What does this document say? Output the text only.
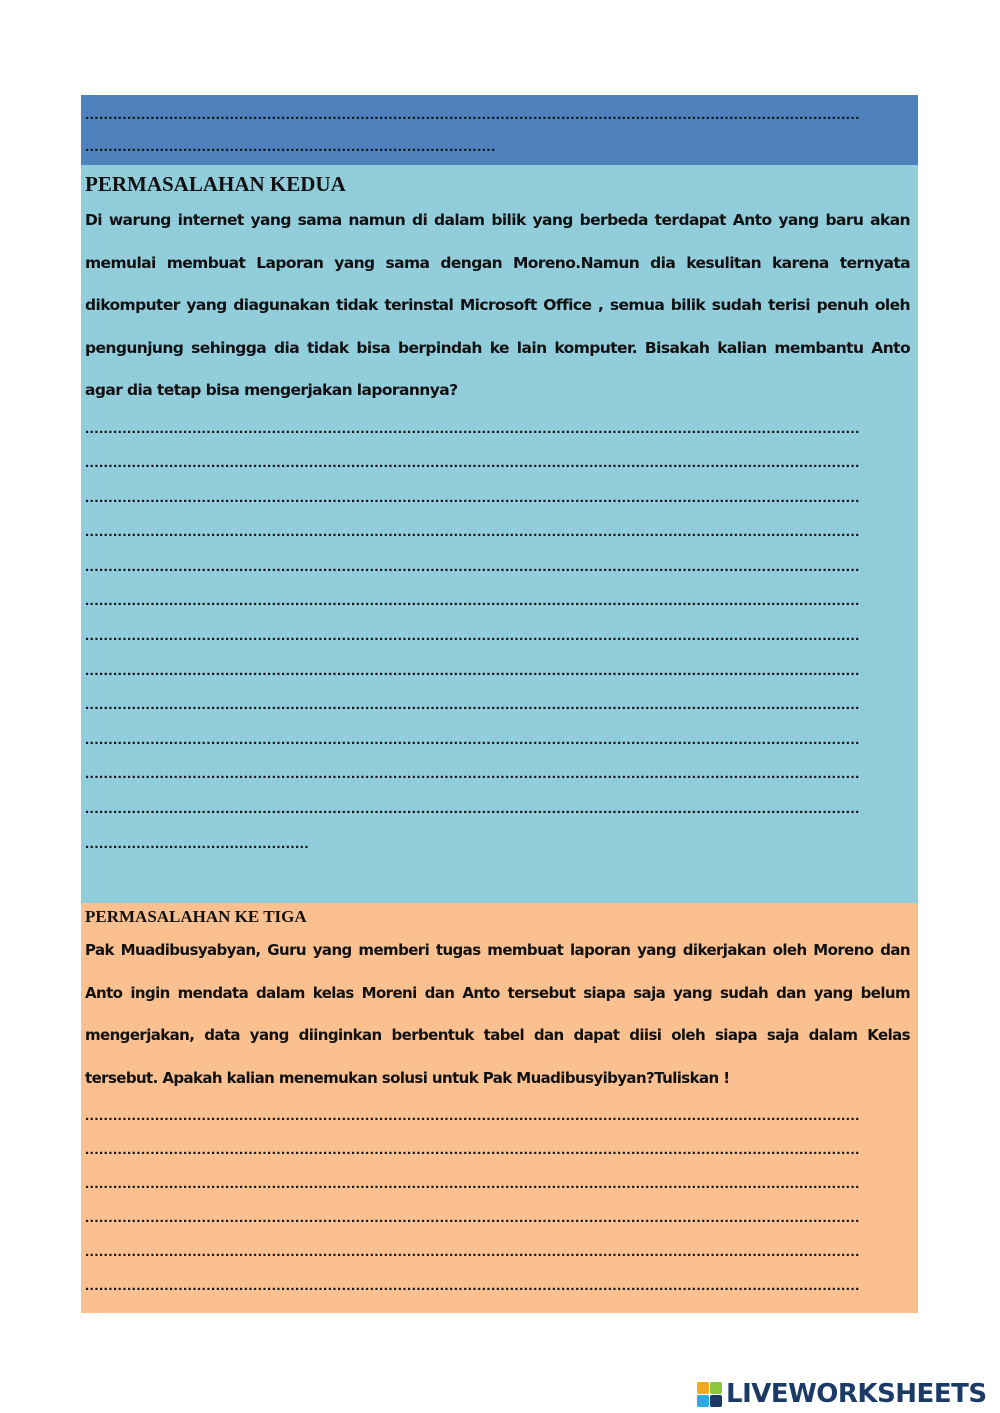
......................................................................................................................................................................
........................................................................................
PERMASALAHAN KEDUA

Di warung internet yang sama namun di dalam bilik yang berbeda terdapat Anto yang baru akan memulai membuat Laporan yang sama dengan Moreno.Namun dia kesulitan karena ternyata dikomputer yang diagunakan tidak terinstal Microsoft Office , semua bilik sudah terisi penuh oleh pengunjung sehingga dia tidak bisa berpindah ke lain komputer. Bisakah kalian membantu Anto agar dia tetap bisa mengerjakan laporannya?

......................................................................................................................................................................
......................................................................................................................................................................
......................................................................................................................................................................
......................................................................................................................................................................
......................................................................................................................................................................
......................................................................................................................................................................
......................................................................................................................................................................
......................................................................................................................................................................
......................................................................................................................................................................
......................................................................................................................................................................
......................................................................................................................................................................
......................................................................................................................................................................
................................................
PERMASALAHAN KE TIGA

Pak Muadibusyabyan, Guru yang memberi tugas membuat laporan yang dikerjakan oleh Moreno dan Anto ingin mendata dalam kelas Moreni dan Anto tersebut siapa saja yang sudah dan yang belum mengerjakan, data yang diinginkan berbentuk tabel dan dapat diisi oleh siapa saja dalam Kelas tersebut. Apakah kalian menemukan solusi untuk Pak Muadibusyibyan?Tuliskan !

......................................................................................................................................................................
......................................................................................................................................................................
......................................................................................................................................................................
......................................................................................................................................................................
......................................................................................................................................................................
......................................................................................................................................................................
LIVEWORKSHEETS
